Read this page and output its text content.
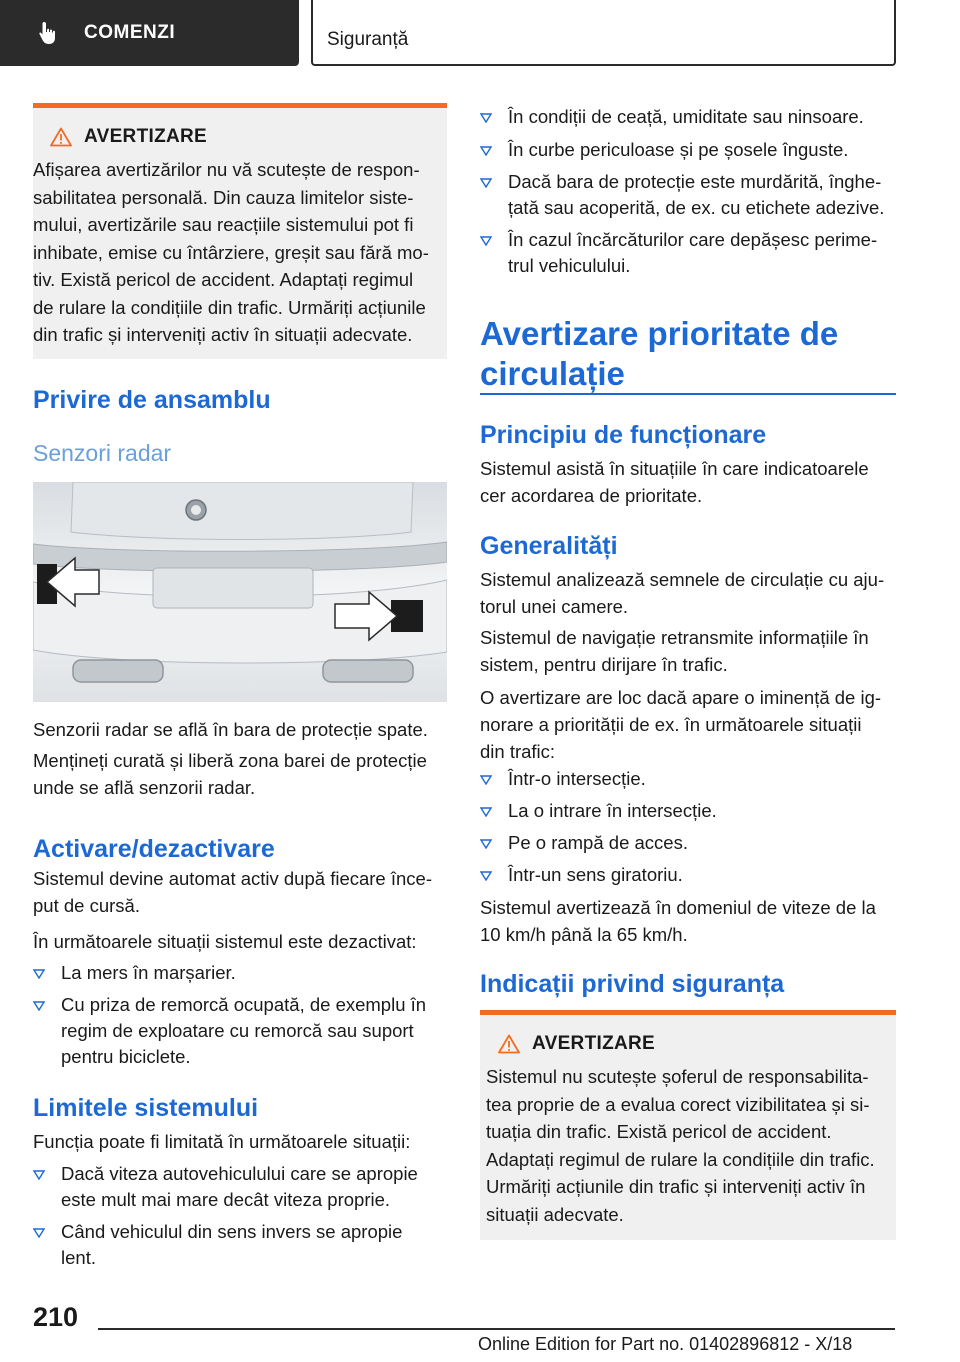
COMENZI	Siguranță
AVERTIZARE
Afișarea avertizărilor nu vă scutește de respon-
sabilitatea personală. Din cauza limitelor siste-
mului, avertizările sau reacțiile sistemului pot fi
inhibate, emise cu întârziere, greșit sau fără mo-
tiv. Există pericol de accident. Adaptați regimul
de rulare la condițiile din trafic. Urmăriți acțiunile
din trafic și interveniți activ în situații adecvate.
Privire de ansamblu
Senzori radar

Senzorii radar se află în bara de protecție spate.

Mențineți curată și liberă zona barei de protecție

unde se află senzorii radar.

Activare/dezactivare

Sistemul devine automat activ după fiecare înce-

put de cursă.

În următoarele situații sistemul este dezactivat:

La mers în marșarier.
Cu priza de remorcă ocupată, de exemplu în
regim de exploatare cu remorcă sau suport
pentru biciclete.
Limitele sistemului

Funcția poate fi limitată în următoarele situații:

Dacă viteza autovehiculului care se apropie
este mult mai mare decât viteza proprie.
Când vehiculul din sens invers se apropie
lent.
În condiții de ceață, umiditate sau ninsoare.
În curbe periculoase și pe șosele înguste.
Dacă bara de protecție este murdărită, înghe-
țată sau acoperită, de ex. cu etichete adezive.
În cazul încărcăturilor care depășesc perime-
trul vehiculului.
Avertizare prioritate de
circulație
Principiu de funcționare

Sistemul asistă în situațiile în care indicatoarele

cer acordarea de prioritate.

Generalități

Sistemul analizează semnele de circulație cu aju-

torul unei camere.

Sistemul de navigație retransmite informațiile în

sistem, pentru dirijare în trafic.

O avertizare are loc dacă apare o iminență de ig-

norare a priorității de ex. în următoarele situații

din trafic:

Într-o intersecție.
La o intrare în intersecție.
Pe o rampă de acces.
Într-un sens giratoriu.

Sistemul avertizează în domeniul de viteze de la

10 km/h până la 65 km/h.

Indicații privind siguranța
AVERTIZARE
Sistemul nu scutește șoferul de responsabilita-
tea proprie de a evalua corect vizibilitatea și si-
tuația din trafic. Există pericol de accident.
Adaptați regimul de rulare la condițiile din trafic.
Urmăriți acțiunile din trafic și interveniți activ în
situații adecvate.
210
Online Edition for Part no. 01402896812 - X/18
